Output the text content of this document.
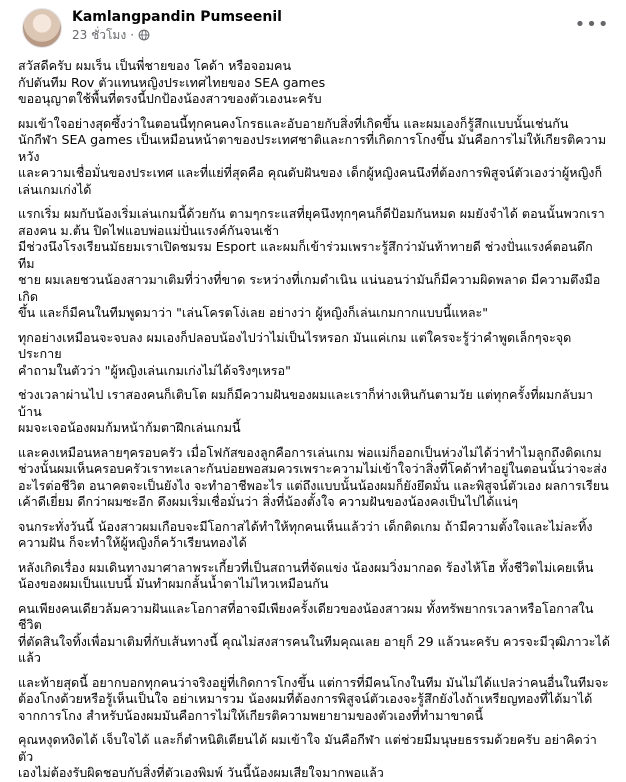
Kamlangpandin Pumseenil
23 ชั่วโมง ·
•••

สวัสดีครับ ผมเร็น เป็นพี่ชายของ โคด้า หรือจอมคน
กัปตันทีม Rov ตัวแทนหญิงประเทศไทยของ SEA games
ขออนุญาตใช้พื้นที่ตรงนี้ปกป้องน้องสาวของตัวเองนะครับ

ผมเข้าใจอย่างสุดซึ้งว่าในตอนนี้ทุกคนคงโกรธและอับอายกับสิ่งที่เกิดขึ้น และผมเองก็รู้สึกแบบนั้นเช่นกัน
นักกีฬา SEA games เป็นเหมือนหน้าตาของประเทศชาติและการที่เกิดการโกงขึ้น มันคือการไม่ให้เกียรติความหวัง
และความเชื่อมั่นของประเทศ และที่แย่ที่สุดคือ คุณดับฝันของ เด็กผู้หญิงคนนึงที่ต้องการพิสูจน์ตัวเองว่าผู้หญิงก็
เล่นเกมเก่งได้

แรกเริ่ม ผมกับน้องเริ่มเล่นเกมนี้ด้วยกัน ตามๆกระแสที่ยุคนึงทุกๆคนก็ดีป้อมกันหมด ผมยังจำได้ ตอนนั้นพวกเรา
สองคน ม.ต้น ปิดไฟแอบพ่อแม่ปั่นแรงค์กันจนเช้า
มีช่วงนึงโรงเรียนมัธยมเราเปิดชมรม Esport และผมก็เข้าร่วมเพราะรู้สึกว่ามันท้าทายดี ช่วงปั่นแรงค์ตอนดึก ทีม
ชาย ผมเลยชวนน้องสาวมาเติมที่ว่างที่ขาด ระหว่างที่เกมดำเนิน แน่นอนว่ามันก็มีความผิดพลาด มีความตึงมือเกิด
ขึ้น และก็มีคนในทีมพูดมาว่า "เล่นโครตโง่เลย อย่างว่า ผู้หญิงก็เล่นเกมกากแบบนี้แหละ"

ทุกอย่างเหมือนจะจบลง ผมเองก็ปลอบน้องไปว่าไม่เป็นไรหรอก มันแค่เกม แต่ใครจะรู้ว่าคำพูดเล็กๆจะจุดประกาย
คำถามในตัวว่า "ผู้หญิงเล่นเกมเก่งไม่ได้จริงๆเหรอ"

ช่วงเวลาผ่านไป เราสองคนก็เติบโต ผมก็มีความฝันของผมและเราก็ห่างเหินกันตามวัย แต่ทุกครั้งที่ผมกลับมาบ้าน
ผมจะเจอน้องผมก้มหน้าก้มตาฝึกเล่นเกมนี้

และคงเหมือนหลายๆครอบครัว เมื่อโฟกัสของลูกคือการเล่นเกม พ่อแม่ก็ออกเป็นห่วงไม่ได้ว่าทำไมลูกถึงติดเกม
ช่วงนั้นผมเห็นครอบครัวเราทะเลาะกันบ่อยพอสมควรเพราะความไม่เข้าใจว่าสิ่งที่โคด้าทำอยู่ในตอนนั้นว่าจะส่ง
อะไรต่อชีวิต อนาคตจะเป็นยังไง จะทำอาชีพอะไร แต่ถึงแบบนั้นน้องผมก็ยังยึดมั่น และพิสูจน์ตัวเอง ผลการเรียน
เค้าดีเยี่ยม ดีกว่าผมซะอีก ดึงผมเริ่มเชื่อมั่นว่า สิ่งที่น้องตั้งใจ ความฝันของน้องคงเป็นไปได้แน่ๆ

จนกระทั่งวันนี้ น้องสาวผมเกือบจะมีโอกาสได้ทำให้ทุกคนเห็นแล้วว่า เด็กติดเกม ถ้ามีความตั้งใจและไม่ละทิ้ง
ความฝัน ก็จะทำให้ผู้หญิงก็คว้าเรียนทองได้

หลังเกิดเรื่อง ผมเดินทางมาศาลาพระเกี้ยวที่เป็นสถานที่จัดแข่ง น้องผมวิ่งมากอด ร้องไห้โฮ ทั้งชีวิตไม่เคยเห็น
น้องของผมเป็นแบบนี้ มันทำผมกลั้นน้ำตาไม่ไหวเหมือนกัน

คนเพียงคนเดียวล้มความฝันและโอกาสที่อาจมีเพียงครั้งเดียวของน้องสาวผม ทั้งทรัพยากรเวลาหรือโอกาสในชีวิต
ที่ตัดสินใจทิ้งเพื่อมาเติมที่กับเส้นทางนี้ คุณไม่สงสารคนในทีมคุณเลย อายุก็ 29 แล้วนะครับ ควรจะมีวุฒิภาวะได้
แล้ว

และท้ายสุดนี้ อยากบอกทุกคนว่าจริงอยู่ที่เกิดการโกงขึ้น แต่การที่มีคนโกงในทีม มันไม่ได้แปลว่าคนอื่นในทีมจะ
ต้องโกงด้วยหรือรู้เห็นเป็นใจ อย่าเหมารวม น้องผมที่ต้องการพิสูจน์ตัวเองจะรู้สึกยังไงถ้าเหรียญทองที่ได้มาได้
จากการโกง สำหรับน้องผมมันคือการไม่ให้เกียรติความพยายามของตัวเองที่ทำมาขาดนี้

คุณหงุดหงิดได้ เจ็บใจได้ และก็ตำหนิติเตียนได้ ผมเข้าใจ มันคือกีฬา แต่ช่วยมีมนุษยธรรมด้วยครับ อย่าคิดว่าตัว
เองไม่ต้องรับผิดชอบกับสิ่งที่ตัวเองพิมพ์ วันนี้น้องผมเสียใจมากพอแล้ว
